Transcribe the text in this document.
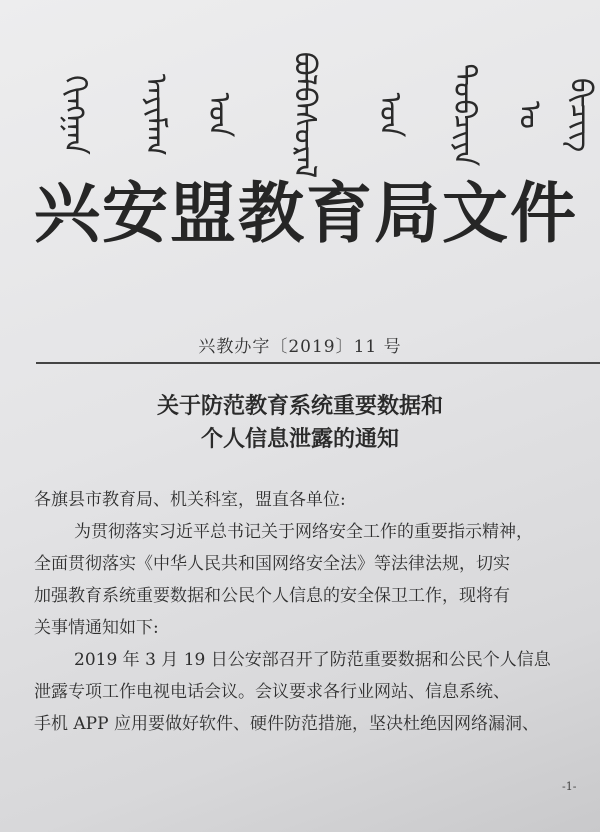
ᠬᠢᠩᠭᠠᠨ ᠠᠶᠢᠮᠠᠭ ᠤᠨ ᠪᠣᠯᠪᠠᠰᠤᠷᠠᠯ ᠤᠨ ᠲᠣᠪᠴᠢᠶᠠ ᠤ ᠪᠢᠴᠢᠭ
兴安盟教育局文件
兴教办字〔2019〕11 号
关于防范教育系统重要数据和
个人信息泄露的通知

各旗县市教育局、机关科室，盟直各单位:

为贯彻落实习近平总书记关于网络安全工作的重要指示精神，

全面贯彻落实《中华人民共和国网络安全法》等法律法规，切实

加强教育系统重要数据和公民个人信息的安全保卫工作，现将有

关事情通知如下:

2019 年 3 月 19 日公安部召开了防范重要数据和公民个人信息

泄露专项工作电视电话会议。会议要求各行业网站、信息系统、

手机 APP 应用要做好软件、硬件防范措施，坚决杜绝因网络漏洞、

-1-
